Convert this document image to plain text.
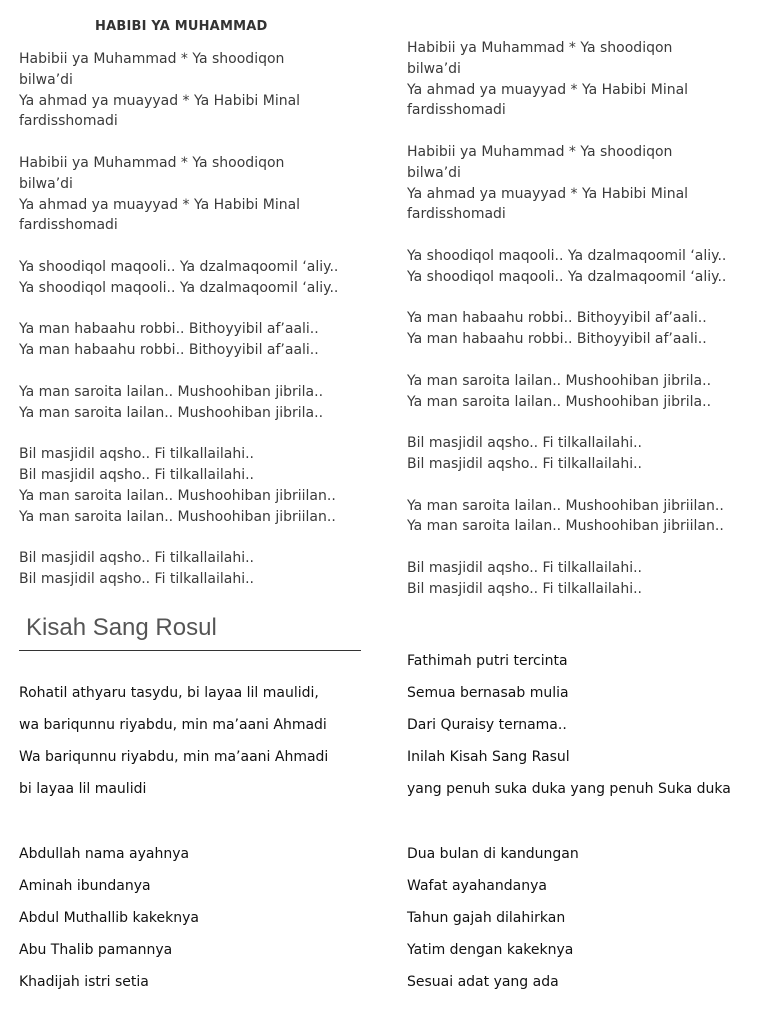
HABIBI YA MUHAMMAD
Habibii ya Muhammad * Ya shoodiqon
bilwa’di
Ya ahmad ya muayyad * Ya Habibi Minal
fardisshomadi
Habibii ya Muhammad * Ya shoodiqon
bilwa’di
Ya ahmad ya muayyad * Ya Habibi Minal
fardisshomadi
Ya shoodiqol maqooli.. Ya dzalmaqoomil ‘aliy..
Ya shoodiqol maqooli.. Ya dzalmaqoomil ‘aliy..
Ya man habaahu robbi.. Bithoyyibil af’aali..
Ya man habaahu robbi.. Bithoyyibil af’aali..
Ya man saroita lailan.. Mushoohiban jibrila..
Ya man saroita lailan.. Mushoohiban jibrila..
Bil masjidil aqsho.. Fi tilkallailahi..
Bil masjidil aqsho.. Fi tilkallailahi..
Ya man saroita lailan.. Mushoohiban jibriilan..
Ya man saroita lailan.. Mushoohiban jibriilan..
Bil masjidil aqsho.. Fi tilkallailahi..
Bil masjidil aqsho.. Fi tilkallailahi..
Habibii ya Muhammad * Ya shoodiqon
bilwa’di
Ya ahmad ya muayyad * Ya Habibi Minal
fardisshomadi
Habibii ya Muhammad * Ya shoodiqon
bilwa’di
Ya ahmad ya muayyad * Ya Habibi Minal
fardisshomadi
Ya shoodiqol maqooli.. Ya dzalmaqoomil ‘aliy..
Ya shoodiqol maqooli.. Ya dzalmaqoomil ‘aliy..
Ya man habaahu robbi.. Bithoyyibil af’aali..
Ya man habaahu robbi.. Bithoyyibil af’aali..
Ya man saroita lailan.. Mushoohiban jibrila..
Ya man saroita lailan.. Mushoohiban jibrila..
Bil masjidil aqsho.. Fi tilkallailahi..
Bil masjidil aqsho.. Fi tilkallailahi..
Ya man saroita lailan.. Mushoohiban jibriilan..
Ya man saroita lailan.. Mushoohiban jibriilan..
Bil masjidil aqsho.. Fi tilkallailahi..
Bil masjidil aqsho.. Fi tilkallailahi..
Kisah Sang Rosul
Rohatil athyaru tasydu, bi layaa lil maulidi,
wa bariqunnu riyabdu, min ma’aani Ahmadi
Wa bariqunnu riyabdu, min ma’aani Ahmadi
bi layaa lil maulidi
Fathimah putri tercinta
Semua bernasab mulia
Dari Quraisy ternama..
Inilah Kisah Sang Rasul
yang penuh suka duka yang penuh Suka duka
Abdullah nama ayahnya
Aminah ibundanya
Abdul Muthallib kakeknya
Abu Thalib pamannya
Khadijah istri setia
Dua bulan di kandungan
Wafat ayahandanya
Tahun gajah dilahirkan
Yatim dengan kakeknya
Sesuai adat yang ada
